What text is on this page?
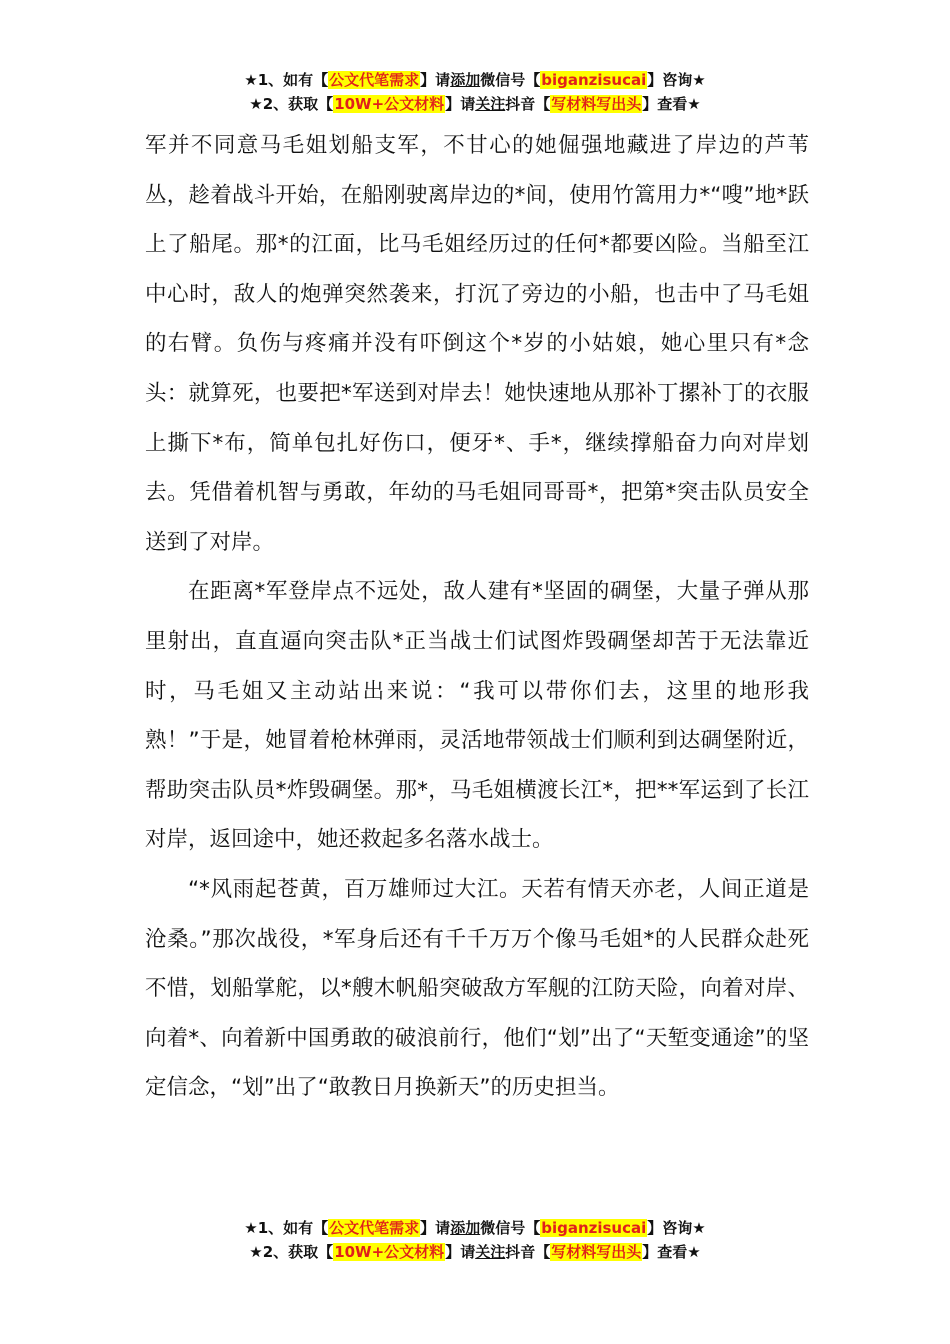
★1、如有【公文代笔需求】请添加微信号【biganzisucai】咨询★
★2、获取【10W+公文材料】请关注抖音【写材料写出头】查看★

军并不同意马毛姐划船支军，不甘心的她倔强地藏进了岸边的芦苇丛，趁着战斗开始，在船刚驶离岸边的*间，使用竹篙用力*“嗖”地*跃上了船尾。那*的江面，比马毛姐经历过的任何*都要凶险。当船至江中心时，敌人的炮弹突然袭来，打沉了旁边的小船，也击中了马毛姐的右臂。负伤与疼痛并没有吓倒这个*岁的小姑娘，她心里只有*念头：就算死，也要把*军送到对岸去！她快速地从那补丁摞补丁的衣服上撕下*布，简单包扎好伤口，便牙*、手*，继续撑船奋力向对岸划去。凭借着机智与勇敢，年幼的马毛姐同哥哥*，把第*突击队员安全送到了对岸。

在距离*军登岸点不远处，敌人建有*坚固的碉堡，大量子弹从那里射出，直直逼向突击队*正当战士们试图炸毁碉堡却苦于无法靠近时，马毛姐又主动站出来说：“我可以带你们去，这里的地形我熟！”于是，她冒着枪林弹雨，灵活地带领战士们顺利到达碉堡附近，帮助突击队员*炸毁碉堡。那*，马毛姐横渡长江*，把**军运到了长江对岸，返回途中，她还救起多名落水战士。

“*风雨起苍黄，百万雄师过大江。天若有情天亦老，人间正道是沧桑。”那次战役，*军身后还有千千万万个像马毛姐*的人民群众赴死不惜，划船掌舵，以*艘木帆船突破敌方军舰的江防天险，向着对岸、向着*、向着新中国勇敢的破浪前行，他们“划”出了“天堑变通途”的坚定信念，“划”出了“敢教日月换新天”的历史担当。

★1、如有【公文代笔需求】请添加微信号【biganzisucai】咨询★
★2、获取【10W+公文材料】请关注抖音【写材料写出头】查看★
